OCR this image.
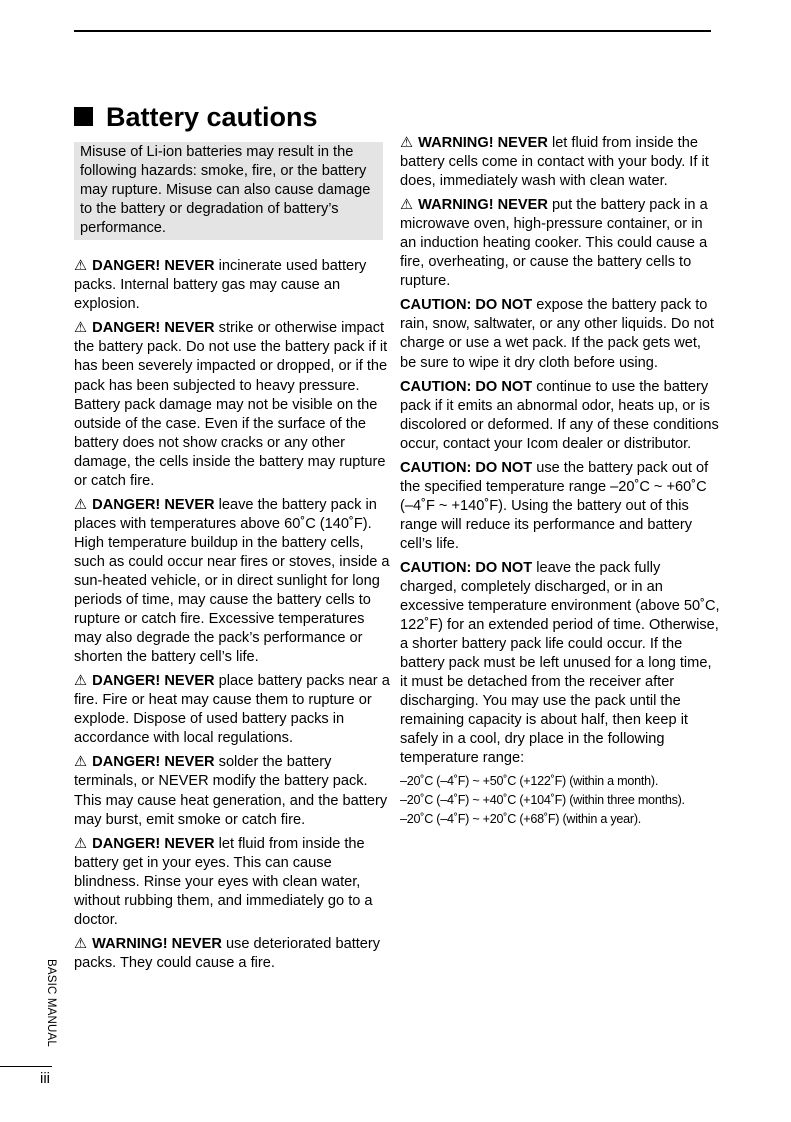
Battery cautions
Misuse of Li-ion batteries may result in the following hazards: smoke, fire, or the battery may rupture. Misuse can also cause damage to the battery or degradation of battery’s performance.

⚠ DANGER! NEVER incinerate used battery packs. Internal battery gas may cause an explosion.

⚠ DANGER! NEVER strike or otherwise impact the battery pack. Do not use the battery pack if it has been severely impacted or dropped, or if the pack has been subjected to heavy pressure. Battery pack damage may not be visible on the outside of the case. Even if the surface of the battery does not show cracks or any other damage, the cells inside the battery may rupture or catch fire.

⚠ DANGER! NEVER leave the battery pack in places with temperatures above 60˚C (140˚F). High temperature buildup in the battery cells, such as could occur near fires or stoves, inside a sun-heated vehicle, or in direct sunlight for long periods of time, may cause the battery cells to rupture or catch fire. Excessive temperatures may also degrade the pack’s performance or shorten the battery cell’s life.

⚠ DANGER! NEVER place battery packs near a fire. Fire or heat may cause them to rupture or explode. Dispose of used battery packs in accordance with local regulations.

⚠ DANGER! NEVER solder the battery terminals, or NEVER modify the battery pack. This may cause heat generation, and the battery may burst, emit smoke or catch fire.

⚠ DANGER! NEVER let fluid from inside the battery get in your eyes. This can cause blindness. Rinse your eyes with clean water, without rubbing them, and immediately go to a doctor.

⚠ WARNING! NEVER use deteriorated battery packs. They could cause a fire.

⚠ WARNING! NEVER let fluid from inside the battery cells come in contact with your body. If it does, immediately wash with clean water.

⚠ WARNING! NEVER put the battery pack in a microwave oven, high-pressure container, or in an induction heating cooker. This could cause a fire, overheating, or cause the battery cells to rupture.

CAUTION: DO NOT expose the battery pack to rain, snow, saltwater, or any other liquids. Do not charge or use a wet pack. If the pack gets wet, be sure to wipe it dry cloth before using.

CAUTION: DO NOT continue to use the battery pack if it emits an abnormal odor, heats up, or is discolored or deformed. If any of these conditions occur, contact your Icom dealer or distributor.

CAUTION: DO NOT use the battery pack out of the specified temperature range –20˚C ~ +60˚C (–4˚F ~ +140˚F). Using the battery out of this range will reduce its performance and battery cell’s life.

CAUTION: DO NOT leave the pack fully charged, completely discharged, or in an excessive temperature environment (above 50˚C, 122˚F) for an extended period of time. Otherwise, a shorter battery pack life could occur. If the battery pack must be left unused for a long time, it must be detached from the receiver after discharging. You may use the pack until the remaining capacity is about half, then keep it safely in a cool, dry place in the following temperature range:

–20˚C (–4˚F) ~ +50˚C (+122˚F) (within a month).
–20˚C (–4˚F) ~ +40˚C (+104˚F) (within three months).
–20˚C (–4˚F) ~ +20˚C (+68˚F) (within a year).
BASIC MANUAL
iii
